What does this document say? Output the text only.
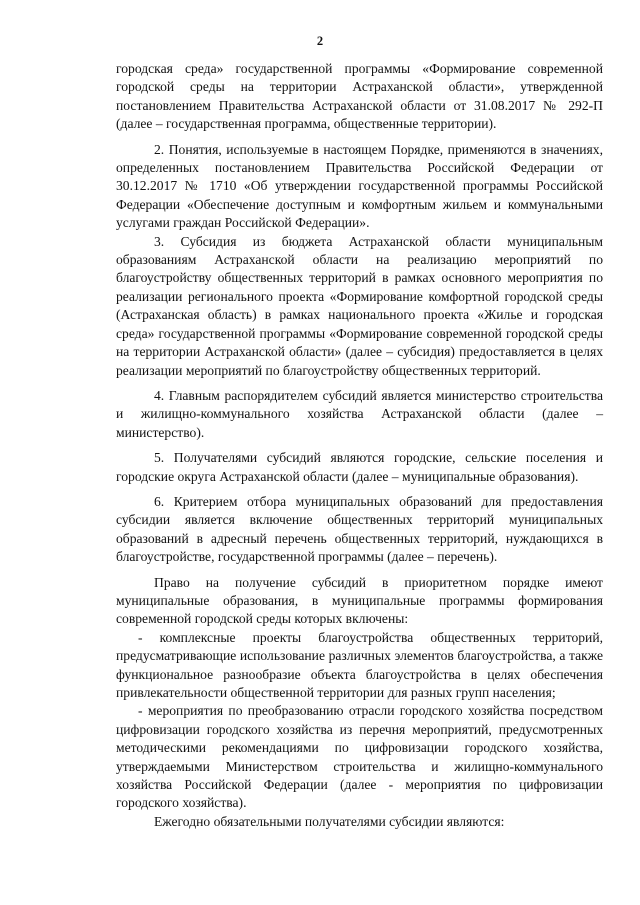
2

городская среда» государственной программы «Формирование современной городской среды на территории Астраханской области», утвержденной постановлением Правительства Астраханской области от 31.08.2017 № 292-П (далее – государственная программа, общественные территории).

2. Понятия, используемые в настоящем Порядке, применяются в значениях, определенных постановлением Правительства Российской Федерации от 30.12.2017 № 1710 «Об утверждении государственной программы Российской Федерации «Обеспечение доступным и комфортным жильем и коммунальными услугами граждан Российской Федерации».

3. Субсидия из бюджета Астраханской области муниципальным образованиям Астраханской области на реализацию мероприятий по благоустройству общественных территорий в рамках основного мероприятия по реализации регионального проекта «Формирование комфортной городской среды (Астраханская область) в рамках национального проекта «Жилье и городская среда» государственной программы «Формирование современной городской среды на территории Астраханской области» (далее – субсидия) предоставляется в целях реализации мероприятий по благоустройству общественных территорий.

4. Главным распорядителем субсидий является министерство строительства и жилищно-коммунального хозяйства Астраханской области (далее – министерство).

5. Получателями субсидий являются городские, сельские поселения и городские округа Астраханской области (далее – муниципальные образования).

6. Критерием отбора муниципальных образований для предоставления субсидии является включение общественных территорий муниципальных образований в адресный перечень общественных территорий, нуждающихся в благоустройстве, государственной программы (далее – перечень).

Право на получение субсидий в приоритетном порядке имеют муниципальные образования, в муниципальные программы формирования современной городской среды которых включены:

- комплексные проекты благоустройства общественных территорий, предусматривающие использование различных элементов благоустройства, а также функциональное разнообразие объекта благоустройства в целях обеспечения привлекательности общественной территории для разных групп населения;

- мероприятия по преобразованию отрасли городского хозяйства посредством цифровизации городского хозяйства из перечня мероприятий, предусмотренных методическими рекомендациями по цифровизации городского хозяйства, утверждаемыми Министерством строительства и жилищно-коммунального хозяйства Российской Федерации (далее - мероприятия по цифровизации городского хозяйства).

Ежегодно обязательными получателями субсидии являются:
